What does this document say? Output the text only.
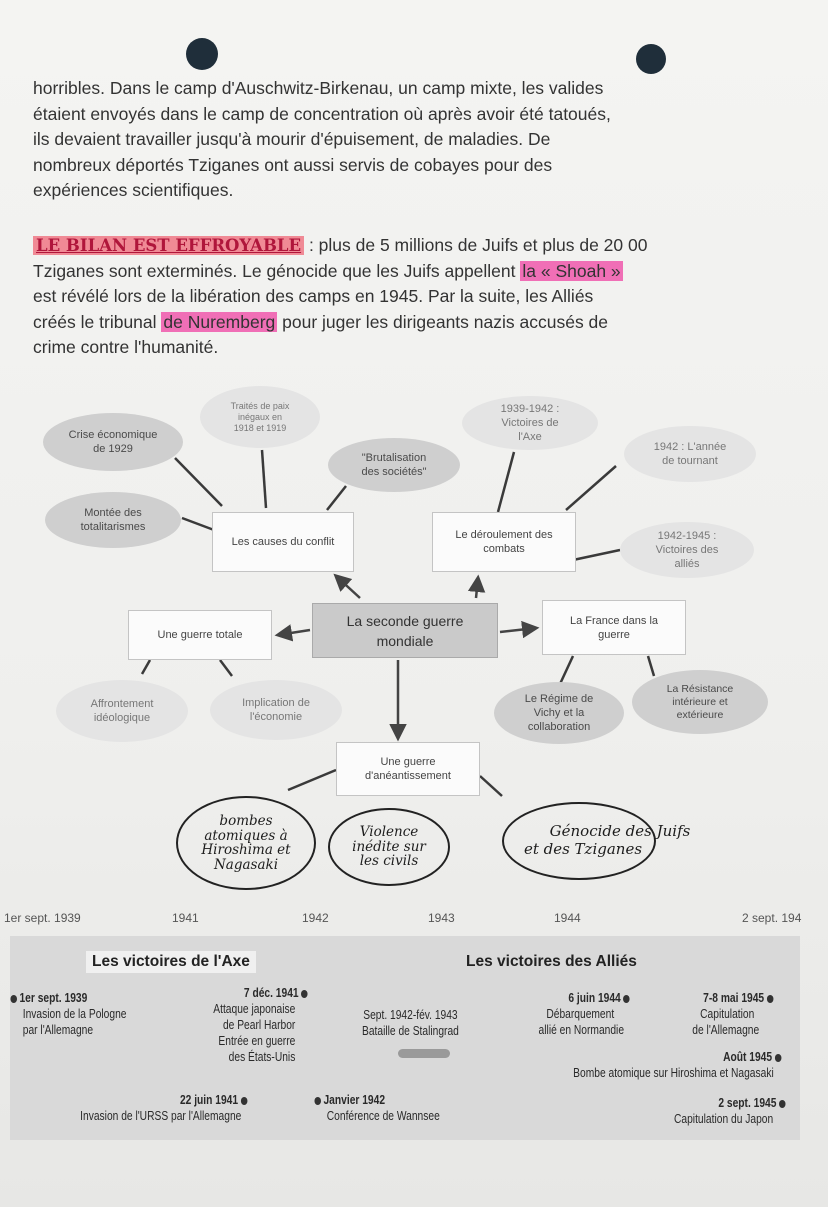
horribles. Dans le camp d'Auschwitz-Birkenau, un camp mixte, les valides
étaient envoyés dans le camp de concentration où après avoir été tatoués,
ils devaient travailler jusqu'à mourir d'épuisement, de maladies. De
nombreux déportés Tziganes ont aussi servis de cobayes pour des
expériences scientifiques.
LE BILAN EST EFFROYABLE : plus de 5 millions de Juifs et plus de 20 00
Tziganes sont exterminés. Le génocide que les Juifs appellent la « Shoah »
est révélé lors de la libération des camps en 1945. Par la suite, les Alliés
créés le tribunal de Nuremberg pour juger les dirigeants nazis accusés de
crime contre l'humanité.
La seconde guerre mondiale
Les causes du conflit
Le déroulement des combats
Une guerre totale
La France dans la guerre
Une guerre d'anéantissement
Crise économique de 1929
Traités de paix inégaux en 1918 et 1919
"Brutalisation des sociétés"
Montée des totalitarismes
1939-1942 : Victoires de l'Axe
1942 : L'année de tournant
1942-1945 : Victoires des alliés
Affrontement idéologique
Implication de l'économie
Le Régime de Vichy et la collaboration
La Résistance intérieure et extérieure
bombes
atomiques à
Hiroshima et
Nagasaki
Violence
inédite sur
les civils
Génocide des Juifs
et des Tziganes
1er sept. 1939	1941	1942	1943	1944	2 sept. 194
Les victoires de l'Axe	Les victoires des Alliés
1er sept. 1939
Invasion de la Pologne
par l'Allemagne
7 déc. 1941
Attaque japonaise
de Pearl Harbor
Entrée en guerre
des États-Unis
22 juin 1941
Invasion de l'URSS par l'Allemagne
Sept. 1942-fév. 1943
Bataille de Stalingrad
Janvier 1942
Conférence de Wannsee
6 juin 1944
Débarquement
allié en Normandie
7-8 mai 1945
Capitulation
de l'Allemagne
Août 1945
Bombe atomique sur Hiroshima et Nagasaki
2 sept. 1945
Capitulation du Japon
